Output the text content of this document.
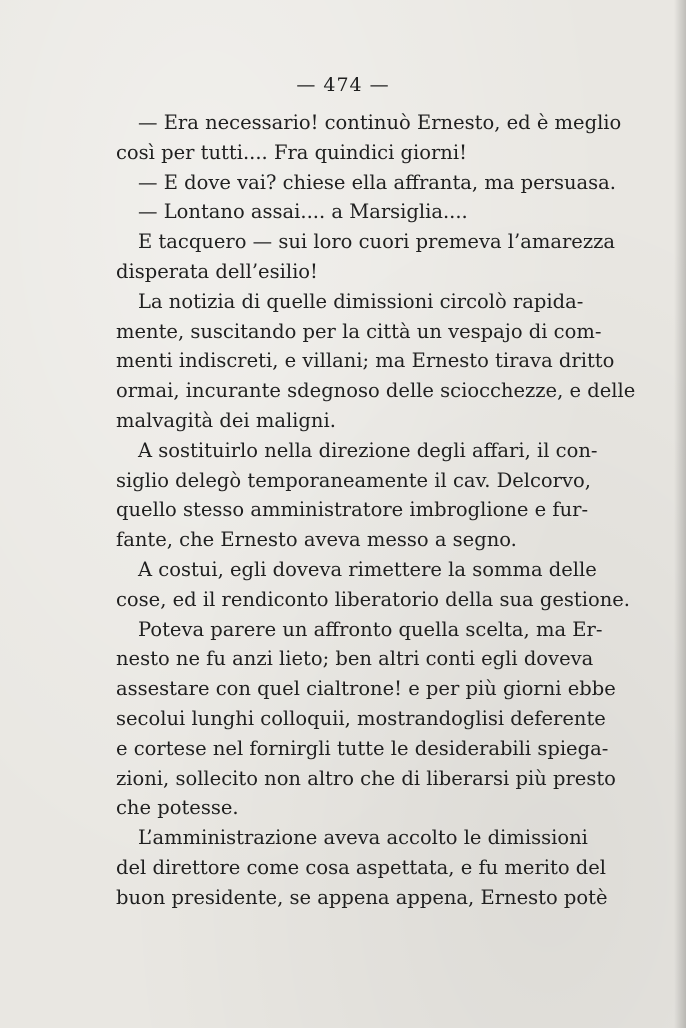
— 474 —
— Era necessario! continuò Ernesto, ed è meglio
così per tutti.... Fra quindici giorni!
— E dove vai? chiese ella affranta, ma persuasa.
— Lontano assai.... a Marsiglia....
E tacquero — sui loro cuori premeva l’amarezza
disperata dell’esilio!
La notizia di quelle dimissioni circolò rapida-
mente, suscitando per la città un vespajo di com-
menti indiscreti, e villani; ma Ernesto tirava dritto
ormai, incurante sdegnoso delle sciocchezze, e delle
malvagità dei maligni.
A sostituirlo nella direzione degli affari, il con-
siglio delegò temporaneamente il cav. Delcorvo,
quello stesso amministratore imbroglione e fur-
fante, che Ernesto aveva messo a segno.
A costui, egli doveva rimettere la somma delle
cose, ed il rendiconto liberatorio della sua gestione.
Poteva parere un affronto quella scelta, ma Er-
nesto ne fu anzi lieto; ben altri conti egli doveva
assestare con quel cialtrone! e per più giorni ebbe
secolui lunghi colloquii, mostrandoglisi deferente
e cortese nel fornirgli tutte le desiderabili spiega-
zioni, sollecito non altro che di liberarsi più presto
che potesse.
L’amministrazione aveva accolto le dimissioni
del direttore come cosa aspettata, e fu merito del
buon presidente, se appena appena, Ernesto potè
